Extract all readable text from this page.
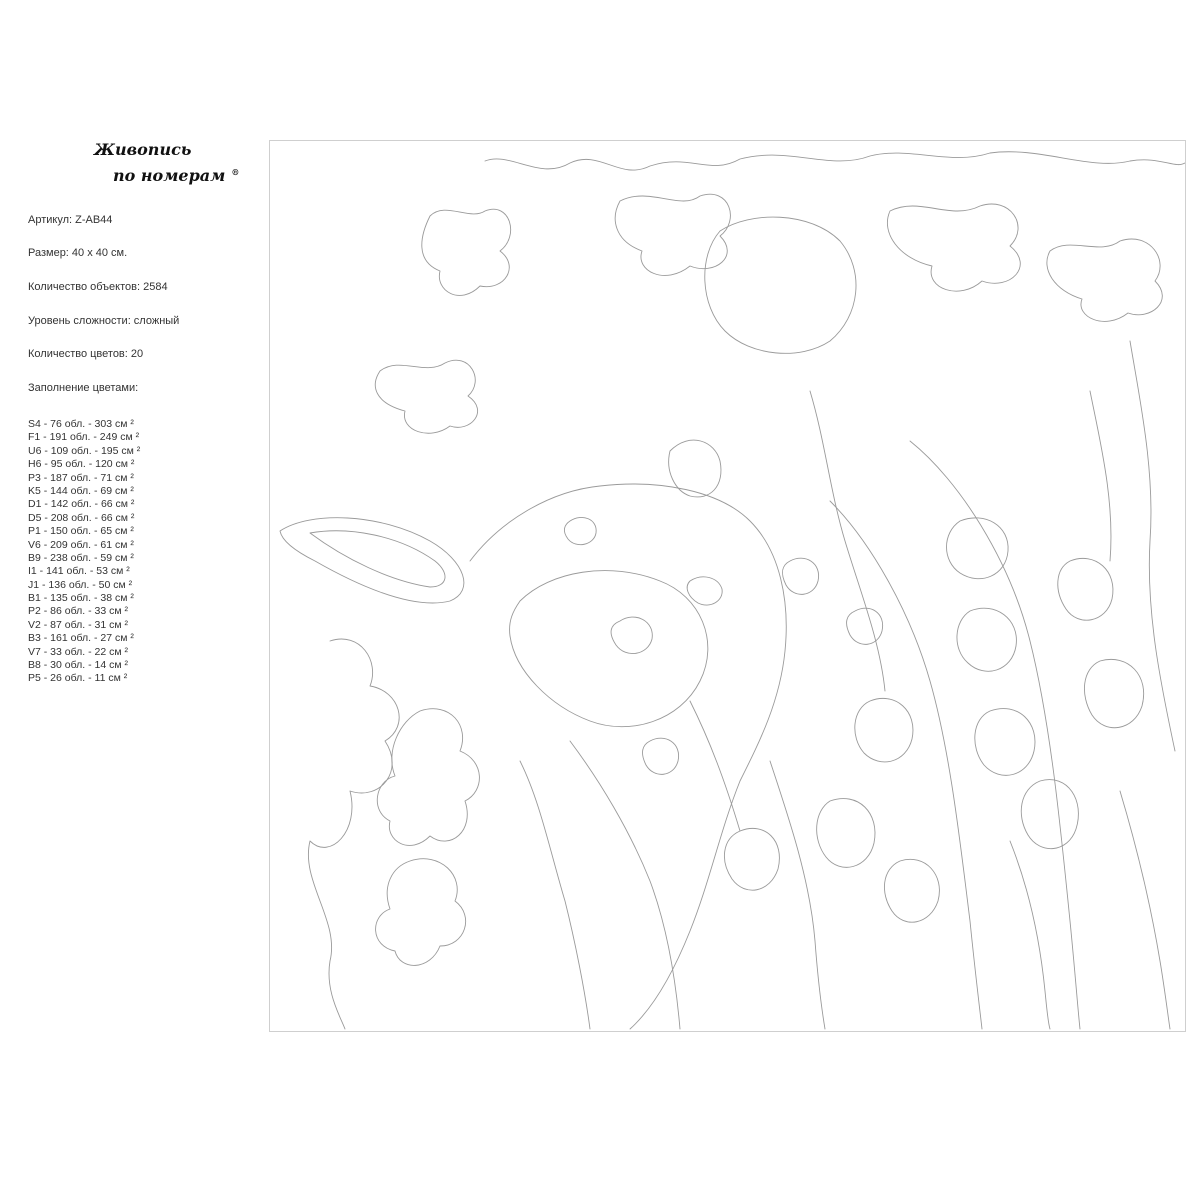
Живопись
по номерам ®
Артикул: Z-AB44
Размер: 40 х 40 см.
Количество объектов: 2584
Уровень сложности: сложный
Количество цветов: 20
Заполнение цветами:
S4 - 76 обл. - 303 см ²
F1 - 191 обл. - 249 см ²
U6 - 109 обл. - 195 см ²
H6 - 95 обл. - 120 см ²
P3 - 187 обл. - 71 см ²
K5 - 144 обл. - 69 см ²
D1 - 142 обл. - 66 см ²
D5 - 208 обл. - 66 см ²
P1 - 150 обл. - 65 см ²
V6 - 209 обл. - 61 см ²
B9 - 238 обл. - 59 см ²
I1 - 141 обл. - 53 см ²
J1 - 136 обл. - 50 см ²
B1 - 135 обл. - 38 см ²
P2 - 86 обл. - 33 см ²
V2 - 87 обл. - 31 см ²
B3 - 161 обл. - 27 см ²
V7 - 33 обл. - 22 см ²
B8 - 30 обл. - 14 см ²
P5 - 26 обл. - 11 см ²
